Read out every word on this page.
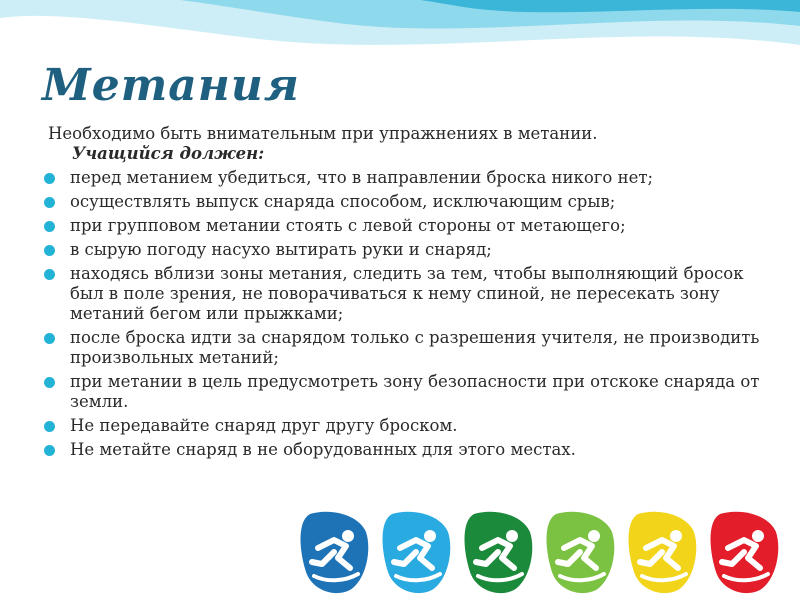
Метания
Необходимо быть внимательным при упражнениях в метании.
Учащийся должен:
перед метанием убедиться, что в направлении броска никого нет;
осуществлять выпуск снаряда способом, исключающим срыв;
при групповом метании стоять с левой стороны от метающего;
в сырую погоду насухо вытирать руки и снаряд;
находясь вблизи зоны метания, следить за тем, чтобы выполняющий бросок был в поле зрения, не поворачиваться к нему спиной, не пересекать зону метаний бегом или прыжками;
после броска идти за снарядом только с разрешения учителя, не производить произвольных метаний;
при метании в цель предусмотреть зону безопасности при отскоке снаряда от земли.
Не передавайте снаряд друг другу броском.
Не метайте снаряд в не оборудованных для этого местах.
